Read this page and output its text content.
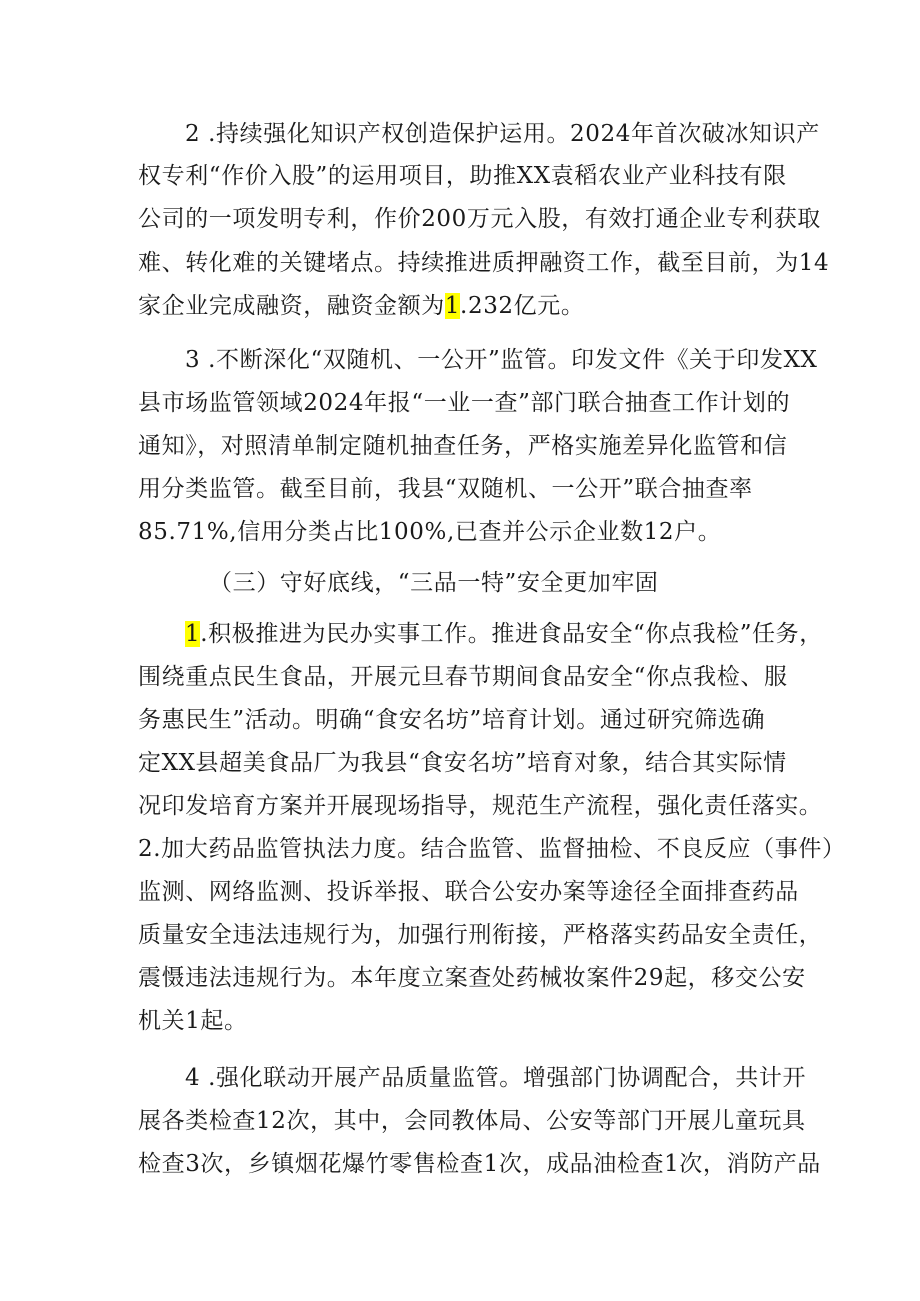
2 .持续强化知识产权创造保护运用。2024年首次破冰知识产
权专利“作价入股”的运用项目，助推XX袁稻农业产业科技有限
公司的一项发明专利，作价200万元入股，有效打通企业专利获取
难、转化难的关键堵点。持续推进质押融资工作，截至目前，为14
家企业完成融资，融资金额为1.232亿元。
3 .不断深化“双随机、一公开”监管。印发文件《关于印发XX
县市场监管领域2024年报“一业一查”部门联合抽查工作计划的
通知》，对照清单制定随机抽查任务，严格实施差异化监管和信
用分类监管。截至目前，我县“双随机、一公开”联合抽查率
85.71%,信用分类占比100%,已查并公示企业数12户。
（三）守好底线，“三品一特”安全更加牢固
1.积极推进为民办实事工作。推进食品安全“你点我检”任务，
围绕重点民生食品，开展元旦春节期间食品安全“你点我检、服
务惠民生”活动。明确“食安名坊”培育计划。通过研究筛选确
定XX县超美食品厂为我县“食安名坊”培育对象，结合其实际情
况印发培育方案并开展现场指导，规范生产流程，强化责任落实。
2.加大药品监管执法力度。结合监管、监督抽检、不良反应（事件）
监测、网络监测、投诉举报、联合公安办案等途径全面排查药品
质量安全违法违规行为，加强行刑衔接，严格落实药品安全责任，
震慑违法违规行为。本年度立案查处药械妆案件29起，移交公安
机关1起。
4 .强化联动开展产品质量监管。增强部门协调配合，共计开
展各类检查12次，其中，会同教体局、公安等部门开展儿童玩具
检查3次，乡镇烟花爆竹零售检查1次，成品油检查1次，消防产品
